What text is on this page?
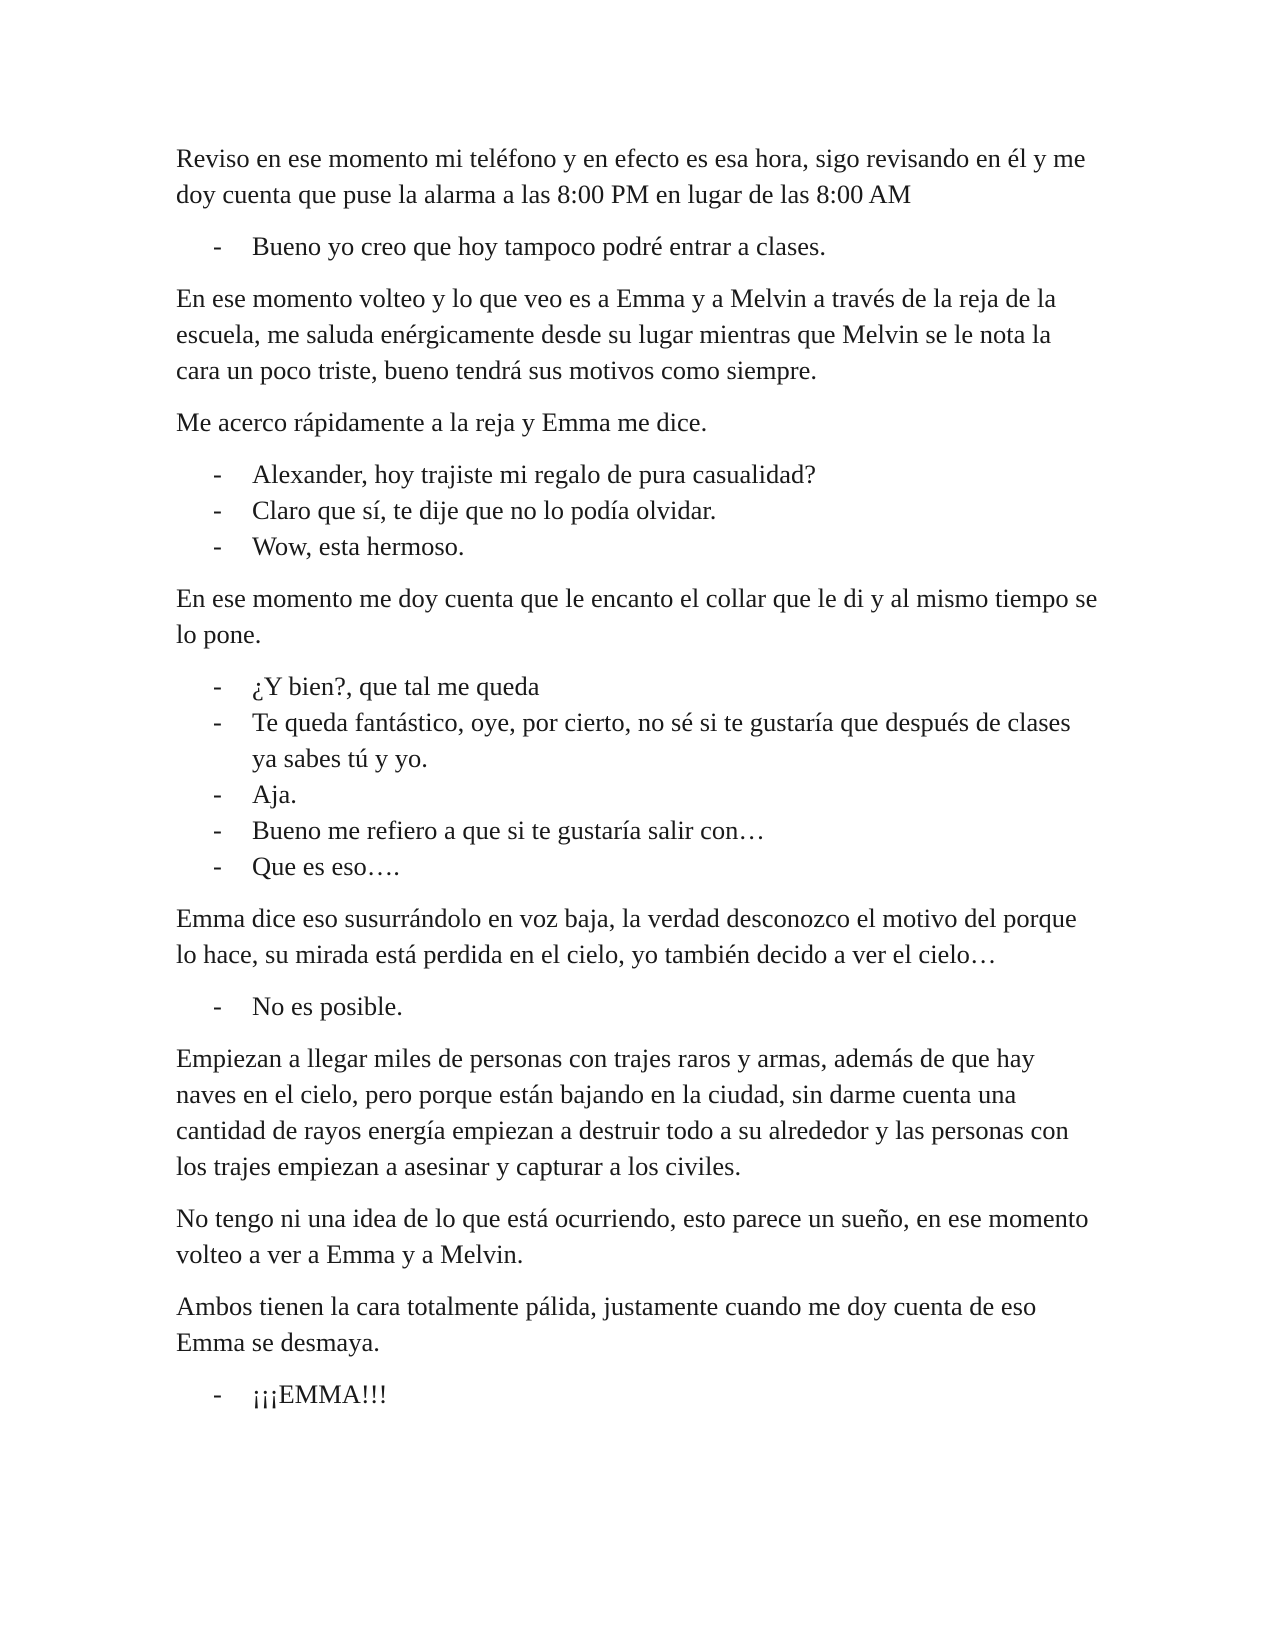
Reviso en ese momento mi teléfono y en efecto es esa hora, sigo revisando en él y me doy cuenta que puse la alarma a las 8:00 PM en lugar de las 8:00 AM

- Bueno yo creo que hoy tampoco podré entrar a clases.

En ese momento volteo y lo que veo es a Emma y a Melvin a través de la reja de la escuela, me saluda enérgicamente desde su lugar mientras que Melvin se le nota la cara un poco triste, bueno tendrá sus motivos como siempre.

Me acerco rápidamente a la reja y Emma me dice.

- Alexander, hoy trajiste mi regalo de pura casualidad?
- Claro que sí, te dije que no lo podía olvidar.
- Wow, esta hermoso.

En ese momento me doy cuenta que le encanto el collar que le di y al mismo tiempo se lo pone.

- ¿Y bien?, que tal me queda
- Te queda fantástico, oye, por cierto, no sé si te gustaría que después de clases ya sabes tú y yo.
- Aja.
- Bueno me refiero a que si te gustaría salir con…
- Que es eso….

Emma dice eso susurrándolo en voz baja, la verdad desconozco el motivo del porque lo hace, su mirada está perdida en el cielo, yo también decido a ver el cielo…

- No es posible.

Empiezan a llegar miles de personas con trajes raros y armas, además de que hay naves en el cielo, pero porque están bajando en la ciudad, sin darme cuenta una cantidad de rayos energía empiezan a destruir todo a su alrededor y las personas con los trajes empiezan a asesinar y capturar a los civiles.

No tengo ni una idea de lo que está ocurriendo, esto parece un sueño, en ese momento volteo a ver a Emma y a Melvin.

Ambos tienen la cara totalmente pálida, justamente cuando me doy cuenta de eso Emma se desmaya.

- ¡¡¡EMMA!!!
